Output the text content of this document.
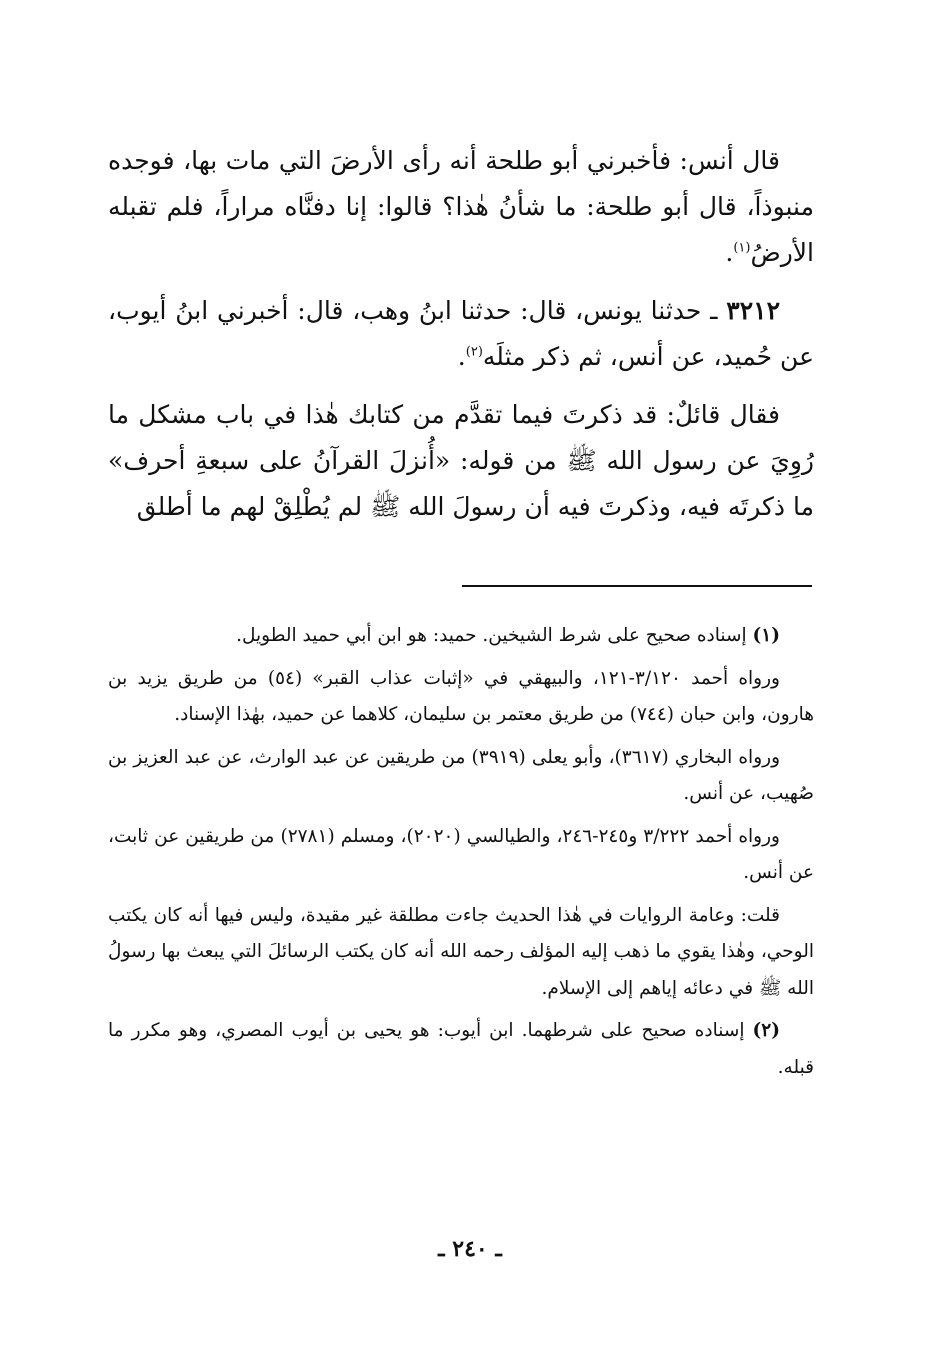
قال أنس: فأخبرني أبو طلحة أنه رأى الأرضَ التي مات بها، فوجده منبوذاً، قال أبو طلحة: ما شأنُ هٰذا؟ قالوا: إنا دفنَّاه مراراً، فلم تقبله الأرضُ$^{(١)}$.

٣٢١٢ ـ حدثنا يونس، قال: حدثنا ابنُ وهب، قال: أخبرني ابنُ أيوب، عن حُميد، عن أنس، ثم ذكر مثلَه$^{(٢)}$.

فقال قائلٌ: قد ذكرتَ فيما تقدَّم من كتابك هٰذا في باب مشكل ما رُوِيَ عن رسول الله ﷺ من قوله: «أُنزلَ القرآنُ على سبعةِ أحرف» ما ذكرتَه فيه، وذكرتَ فيه أن رسولَ الله ﷺ لم يُطْلِقْ لهم ما أطلق

(١) إسناده صحيح على شرط الشيخين. حميد: هو ابن أبي حميد الطويل.

ورواه أحمد ٣/١٢٠-١٢١، والبيهقي في «إثبات عذاب القبر» (٥٤) من طريق يزيد بن هارون، وابن حبان (٧٤٤) من طريق معتمر بن سليمان، كلاهما عن حميد، بهٰذا الإسناد.

ورواه البخاري (٣٦١٧)، وأبو يعلى (٣٩١٩) من طريقين عن عبد الوارث، عن عبد العزيز بن صُهيب، عن أنس.

ورواه أحمد ٣/٢٢٢ و٢٤٥-٢٤٦، والطيالسي (٢٠٢٠)، ومسلم (٢٧٨١) من طريقين عن ثابت، عن أنس.

قلت: وعامة الروايات في هٰذا الحديث جاءت مطلقة غير مقيدة، وليس فيها أنه كان يكتب الوحي، وهٰذا يقوي ما ذهب إليه المؤلف رحمه الله أنه كان يكتب الرسائلَ التي يبعث بها رسولُ الله ﷺ في دعائه إياهم إلى الإسلام.

(٢) إسناده صحيح على شرطهما. ابن أيوب: هو يحيى بن أيوب المصري، وهو مكرر ما قبله.

ـ ٢٤٠ ـ
